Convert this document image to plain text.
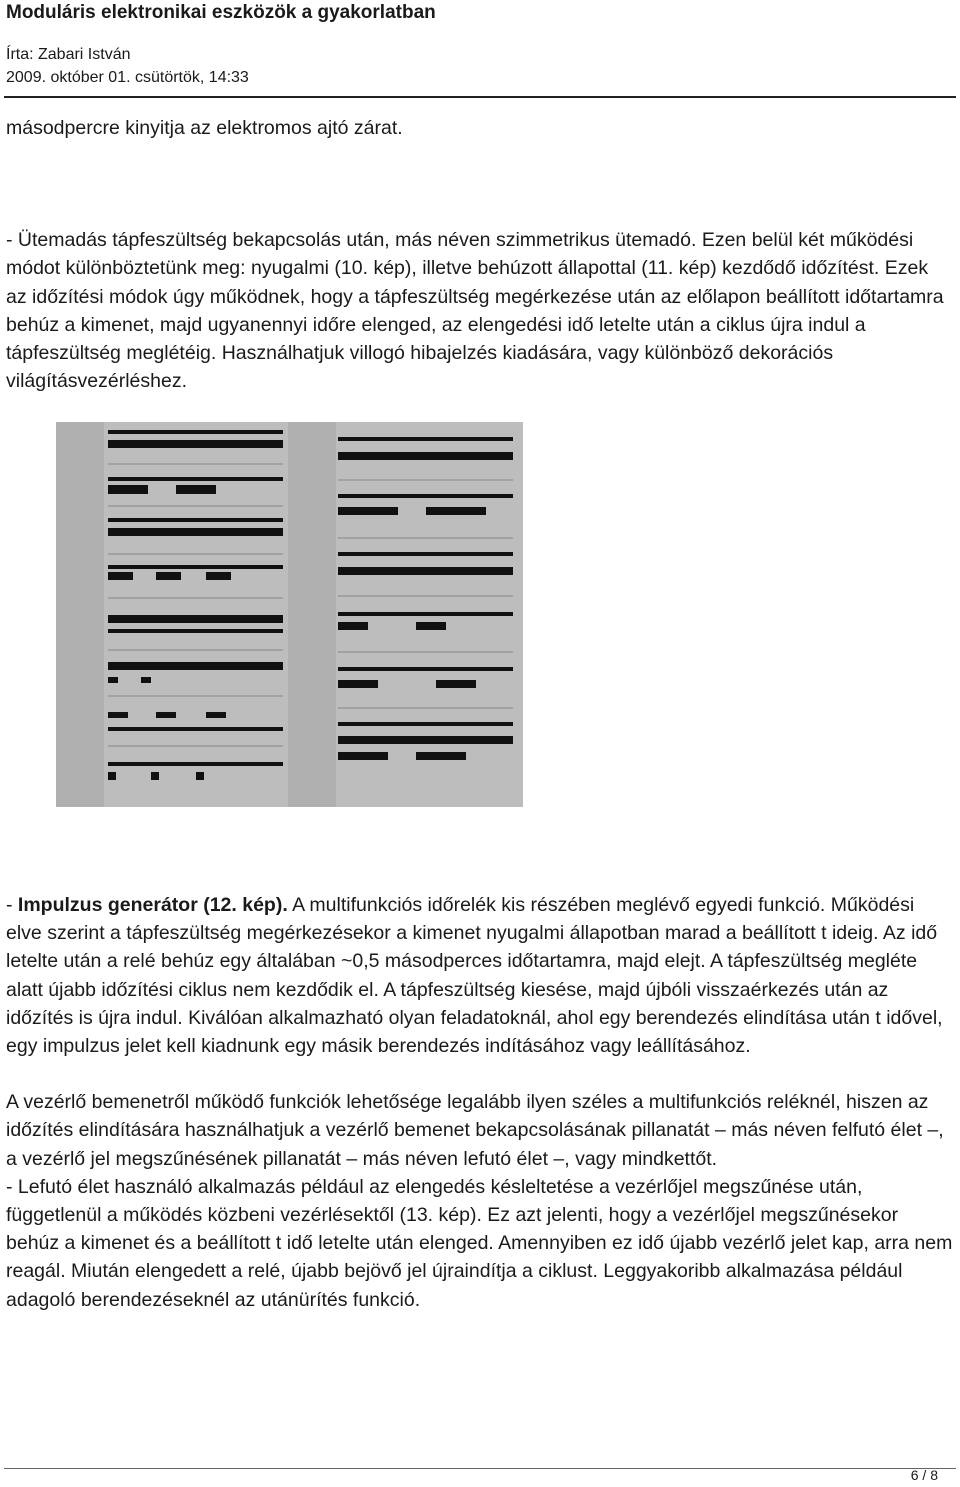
Moduláris elektronikai eszközök a gyakorlatban
Írta: Zabari István
2009. október 01. csütörtök, 14:33

másodpercre kinyitja az elektromos ajtó zárat.

- Ütemadás tápfeszültség bekapcsolás után, más néven szimmetrikus ütemadó. Ezen belül két működési módot különböztetünk meg: nyugalmi (10. kép), illetve behúzott állapottal (11. kép) kezdődő időzítést. Ezek az időzítési módok úgy működnek, hogy a tápfeszültség megérkezése után az előlapon beállított időtartamra behúz a kimenet, majd ugyanennyi időre elenged, az elengedési idő letelte után a ciklus újra indul a tápfeszültség meglétéig. Használhatjuk villogó hibajelzés kiadására, vagy különböző dekorációs világításvezérléshez.

- Impulzus generátor (12. kép). A multifunkciós időrelék kis részében meglévő egyedi funkció. Működési elve szerint a tápfeszültség megérkezésekor a kimenet nyugalmi állapotban marad a beállított t ideig. Az idő letelte után a relé behúz egy általában ~0,5 másodperces időtartamra, majd elejt. A tápfeszültség megléte alatt újabb időzítési ciklus nem kezdődik el. A tápfeszültség kiesése, majd újbóli visszaérkezés után az időzítés is újra indul. Kiválóan alkalmazható olyan feladatoknál, ahol egy berendezés elindítása után t idővel, egy impulzus jelet kell kiadnunk egy másik berendezés indításához vagy leállításához.

A vezérlő bemenetről működő funkciók lehetősége legalább ilyen széles a multifunkciós reléknél, hiszen az időzítés elindítására használhatjuk a vezérlő bemenet bekapcsolásának pillanatát – más néven felfutó élet –, a vezérlő jel megszűnésének pillanatát – más néven lefutó élet –, vagy mindkettőt.

- Lefutó élet használó alkalmazás például az elengedés késleltetése a vezérlőjel megszűnése után, függetlenül a működés közbeni vezérlésektől (13. kép). Ez azt jelenti, hogy a vezérlőjel megszűnésekor behúz a kimenet és a beállított t idő letelte után elenged. Amennyiben ez idő újabb vezérlő jelet kap, arra nem reagál. Miután elengedett a relé, újabb bejövő jel újraindítja a ciklust. Leggyakoribb alkalmazása például adagoló berendezéseknél az utánürítés funkció.

6 / 8
